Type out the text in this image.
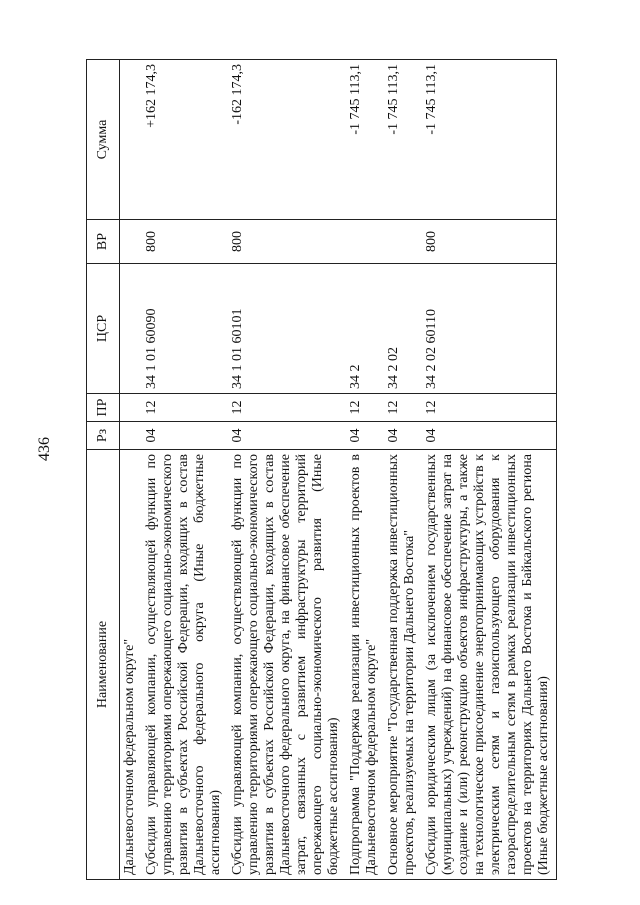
436
Наименование	Рз	ПР	ЦСР	ВР	Сумма
Дальневосточном федеральном округе"					
Субсидии управляющей компании, осуществляющей функции по управлению территориями опережающего социально-экономического развития в субъектах Российской Федерации, входящих в состав Дальневосточного федерального округа (Иные бюджетные ассигнования)	04	12	34 1 01 60090	800	+162 174,3
Субсидии управляющей компании, осуществляющей функции по управлению территориями опережающего социально-экономического развития в субъектах Российской Федерации, входящих в состав Дальневосточного федерального округа, на финансовое обеспечение затрат, связанных с развитием инфраструктуры территорий опережающего социально-экономического развития (Иные бюджетные ассигнования)	04	12	34 1 01 60101	800	-162 174,3
Подпрограмма "Поддержка реализации инвестиционных проектов в Дальневосточном федеральном округе"	04	12	34 2		-1 745 113,1
Основное мероприятие "Государственная поддержка инвестиционных проектов, реализуемых на территории Дальнего Востока"	04	12	34 2 02		-1 745 113,1
Субсидии юридическим лицам (за исключением государственных (муниципальных) учреждений) на финансовое обеспечение затрат на создание и (или) реконструкцию объектов инфраструктуры, а также на технологическое присоединение энергопринимающих устройств к электрическим сетям и газоиспользующего оборудования к газораспределительным сетям в рамках реализации инвестиционных проектов на территориях Дальнего Востока и Байкальского региона (Иные бюджетные ассигнования)	04	12	34 2 02 60110	800	-1 745 113,1
